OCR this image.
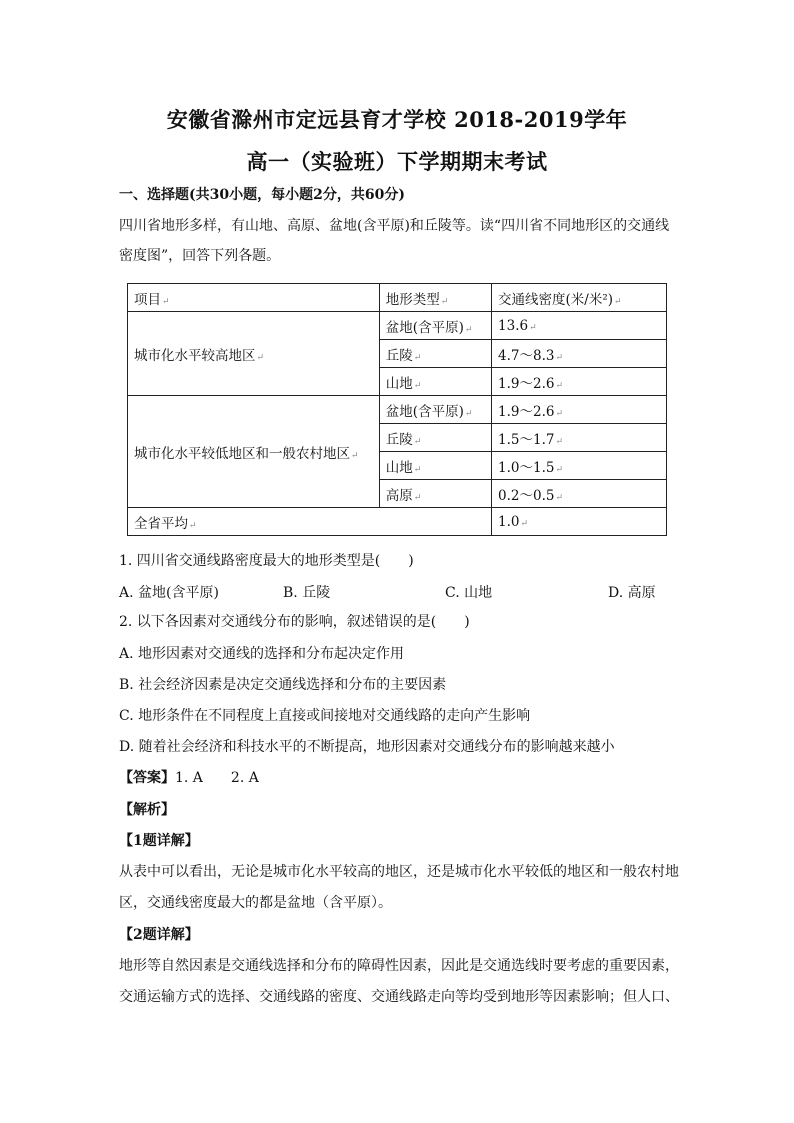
安徽省滁州市定远县育才学校 2018-2019学年
高一（实验班）下学期期末考试
一、选择题(共30小题，每小题2分，共60分)
四川省地形多样，有山地、高原、盆地(含平原)和丘陵等。读“四川省不同地形区的交通线
密度图”，回答下列各题。
项目↵	地形类型↵	交通线密度(米/米²)↵
城市化水平较高地区↵	盆地(含平原)↵	13.6↵
	丘陵↵	4.7～8.3↵
	山地↵	1.9～2.6↵
城市化水平较低地区和一般农村地区↵	盆地(含平原)↵	1.9～2.6↵
	丘陵↵	1.5～1.7↵
	山地↵	1.0～1.5↵
	高原↵	0.2～0.5↵
全省平均↵		1.0↵
1. 四川省交通线路密度最大的地形类型是(　　)
A. 盆地(含平原)	B. 丘陵	C. 山地	D. 高原
2. 以下各因素对交通线分布的影响，叙述错误的是(　　)
A. 地形因素对交通线的选择和分布起决定作用
B. 社会经济因素是决定交通线选择和分布的主要因素
C. 地形条件在不同程度上直接或间接地对交通线路的走向产生影响
D. 随着社会经济和科技水平的不断提高，地形因素对交通线分布的影响越来越小
【答案】1. A　　2. A
【解析】
【1题详解】
从表中可以看出，无论是城市化水平较高的地区，还是城市化水平较低的地区和一般农村地
区，交通线密度最大的都是盆地（含平原）。
【2题详解】
地形等自然因素是交通线选择和分布的障碍性因素，因此是交通选线时要考虑的重要因素，
交通运输方式的选择、交通线路的密度、交通线路走向等均受到地形等因素影响；但人口、
